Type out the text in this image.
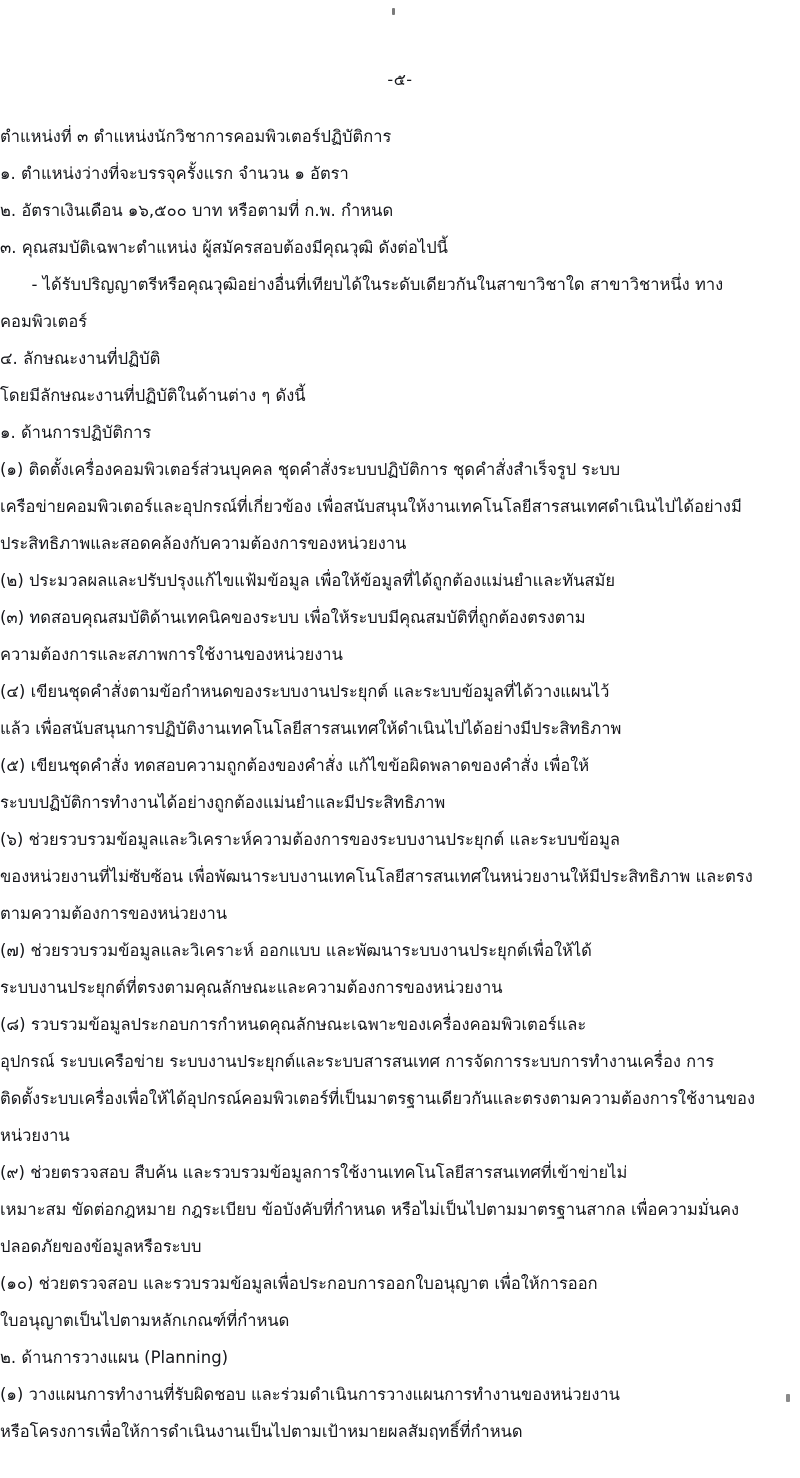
-๕-

ตำแหน่งที่ ๓ ตำแหน่งนักวิชาการคอมพิวเตอร์ปฏิบัติการ

๑. ตำแหน่งว่างที่จะบรรจุครั้งแรก จำนวน ๑ อัตรา

๒. อัตราเงินเดือน ๑๖,๕๐๐ บาท หรือตามที่ ก.พ. กำหนด

๓. คุณสมบัติเฉพาะตำแหน่ง ผู้สมัครสอบต้องมีคุณวุฒิ ดังต่อไปนี้

- ได้รับปริญญาตรีหรือคุณวุฒิอย่างอื่นที่เทียบได้ในระดับเดียวกันในสาขาวิชาใด สาขาวิชาหนึ่ง ทาง

คอมพิวเตอร์

๔. ลักษณะงานที่ปฏิบัติ

โดยมีลักษณะงานที่ปฏิบัติในด้านต่าง ๆ ดังนี้

๑. ด้านการปฏิบัติการ

(๑) ติดตั้งเครื่องคอมพิวเตอร์ส่วนบุคคล ชุดคำสั่งระบบปฏิบัติการ ชุดคำสั่งสำเร็จรูป ระบบ

เครือข่ายคอมพิวเตอร์และอุปกรณ์ที่เกี่ยวข้อง เพื่อสนับสนุนให้งานเทคโนโลยีสารสนเทศดำเนินไปได้อย่างมี

ประสิทธิภาพและสอดคล้องกับความต้องการของหน่วยงาน

(๒) ประมวลผลและปรับปรุงแก้ไขแฟ้มข้อมูล เพื่อให้ข้อมูลที่ได้ถูกต้องแม่นยำและทันสมัย

(๓) ทดสอบคุณสมบัติด้านเทคนิคของระบบ เพื่อให้ระบบมีคุณสมบัติที่ถูกต้องตรงตาม

ความต้องการและสภาพการใช้งานของหน่วยงาน

(๔) เขียนชุดคำสั่งตามข้อกำหนดของระบบงานประยุกต์ และระบบข้อมูลที่ได้วางแผนไว้

แล้ว เพื่อสนับสนุนการปฏิบัติงานเทคโนโลยีสารสนเทศให้ดำเนินไปได้อย่างมีประสิทธิภาพ

(๕) เขียนชุดคำสั่ง ทดสอบความถูกต้องของคำสั่ง แก้ไขข้อผิดพลาดของคำสั่ง เพื่อให้

ระบบปฏิบัติการทำงานได้อย่างถูกต้องแม่นยำและมีประสิทธิภาพ

(๖) ช่วยรวบรวมข้อมูลและวิเคราะห์ความต้องการของระบบงานประยุกต์ และระบบข้อมูล

ของหน่วยงานที่ไม่ซับซ้อน เพื่อพัฒนาระบบงานเทคโนโลยีสารสนเทศในหน่วยงานให้มีประสิทธิภาพ และตรง

ตามความต้องการของหน่วยงาน

(๗) ช่วยรวบรวมข้อมูลและวิเคราะห์ ออกแบบ และพัฒนาระบบงานประยุกต์เพื่อให้ได้

ระบบงานประยุกต์ที่ตรงตามคุณลักษณะและความต้องการของหน่วยงาน

(๘) รวบรวมข้อมูลประกอบการกำหนดคุณลักษณะเฉพาะของเครื่องคอมพิวเตอร์และ

อุปกรณ์ ระบบเครือข่าย ระบบงานประยุกต์และระบบสารสนเทศ การจัดการระบบการทำงานเครื่อง การ

ติดตั้งระบบเครื่องเพื่อให้ได้อุปกรณ์คอมพิวเตอร์ที่เป็นมาตรฐานเดียวกันและตรงตามความต้องการใช้งานของ

หน่วยงาน

(๙) ช่วยตรวจสอบ สืบค้น และรวบรวมข้อมูลการใช้งานเทคโนโลยีสารสนเทศที่เข้าข่ายไม่

เหมาะสม ขัดต่อกฎหมาย กฎระเบียบ ข้อบังคับที่กำหนด หรือไม่เป็นไปตามมาตรฐานสากล เพื่อความมั่นคง

ปลอดภัยของข้อมูลหรือระบบ

(๑๐) ช่วยตรวจสอบ และรวบรวมข้อมูลเพื่อประกอบการออกใบอนุญาต เพื่อให้การออก

ใบอนุญาตเป็นไปตามหลักเกณฑ์ที่กำหนด

๒. ด้านการวางแผน (Planning)

(๑) วางแผนการทำงานที่รับผิดชอบ และร่วมดำเนินการวางแผนการทำงานของหน่วยงาน

หรือโครงการเพื่อให้การดำเนินงานเป็นไปตามเป้าหมายผลสัมฤทธิ์ที่กำหนด
